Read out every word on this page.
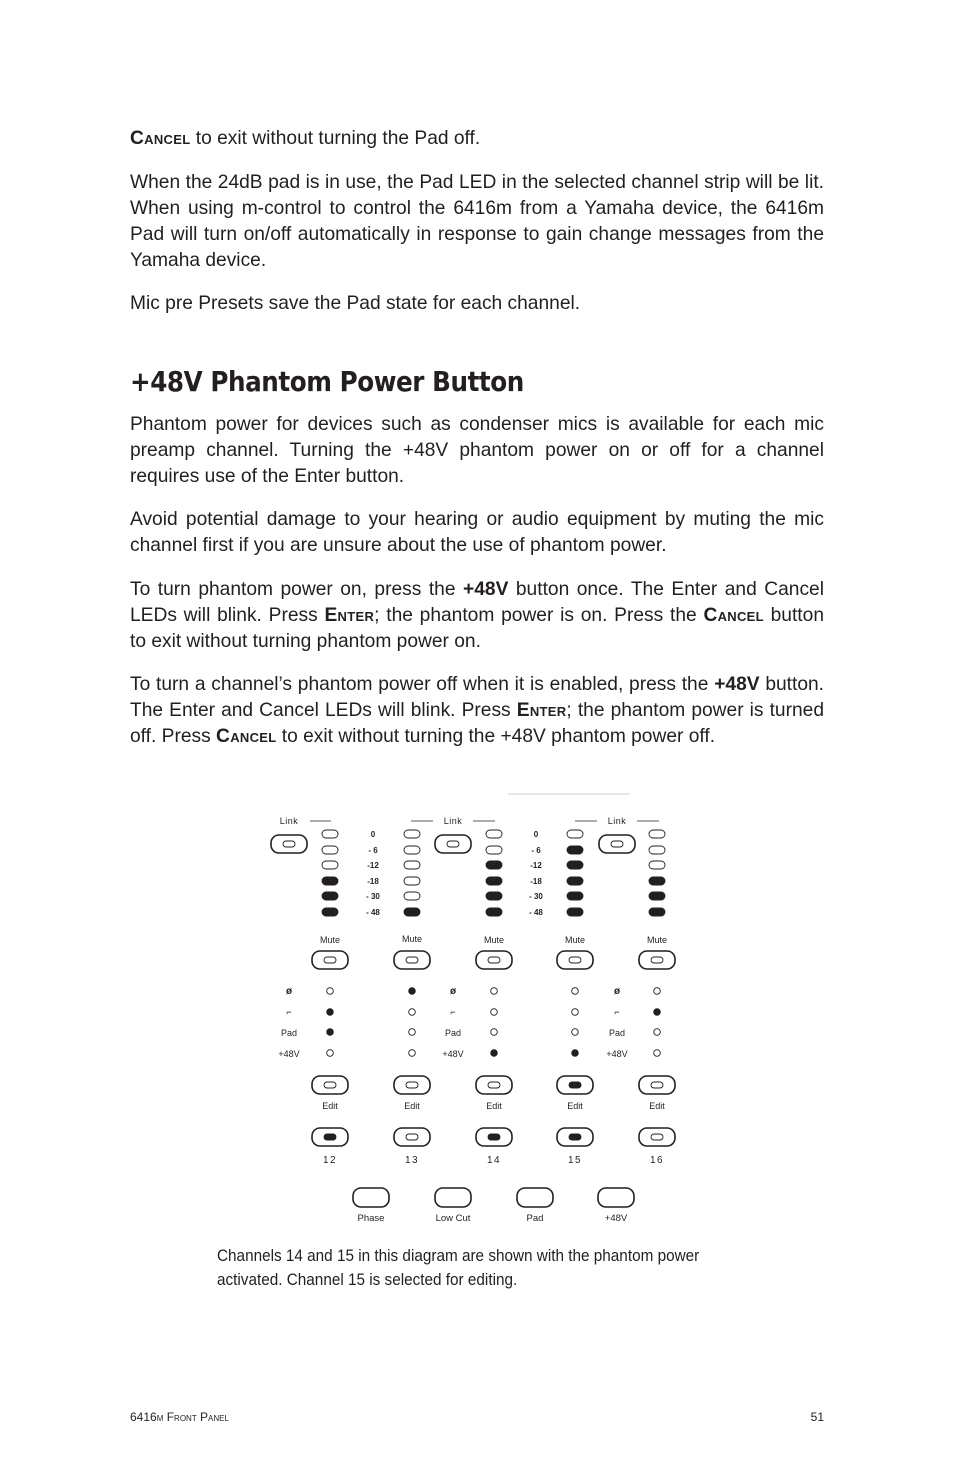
Cancel to exit without turning the Pad off.

When the 24dB pad is in use, the Pad LED in the selected channel strip will be lit. When using m-control to control the 6416m from a Yamaha device, the 6416m Pad will turn on/off automatically in response to gain change messages from the Yamaha device.

Mic pre Presets save the Pad state for each channel.

+48V Phantom Power Button

Phantom power for devices such as condenser mics is available for each mic preamp channel. Turning the +48V phantom power on or off for a channel requires use of the Enter button.

Avoid potential damage to your hearing or audio equipment by muting the mic channel first if you are unsure about the use of phantom power.

To turn phantom power on, press the +48V button once. The Enter and Cancel LEDs will blink. Press Enter; the phantom power is on. Press the Cancel button to exit without turning phantom power on.

To turn a channel’s phantom power off when it is enabled, press the +48V button. The Enter and Cancel LEDs will blink. Press Enter; the phantom power is turned off. Press Cancel to exit without turning the +48V phantom power off.

Link	Link	Link
0
- 6
-12
-18
- 30
- 48
0
- 6
-12
-18
- 30
- 48
Mute
Edit
12
Mute
Edit
13
Mute
Edit
14
Mute
Edit
15
Mute
Edit
16
ø
⌐
Pad
+48V
ø
⌐
Pad
+48V
ø
⌐
Pad
+48V
Phase	Low Cut	Pad	+48V

Channels 14 and 15 in this diagram are shown with the phantom power activated. Channel 15 is selected for editing.

6416m Front Panel	51
